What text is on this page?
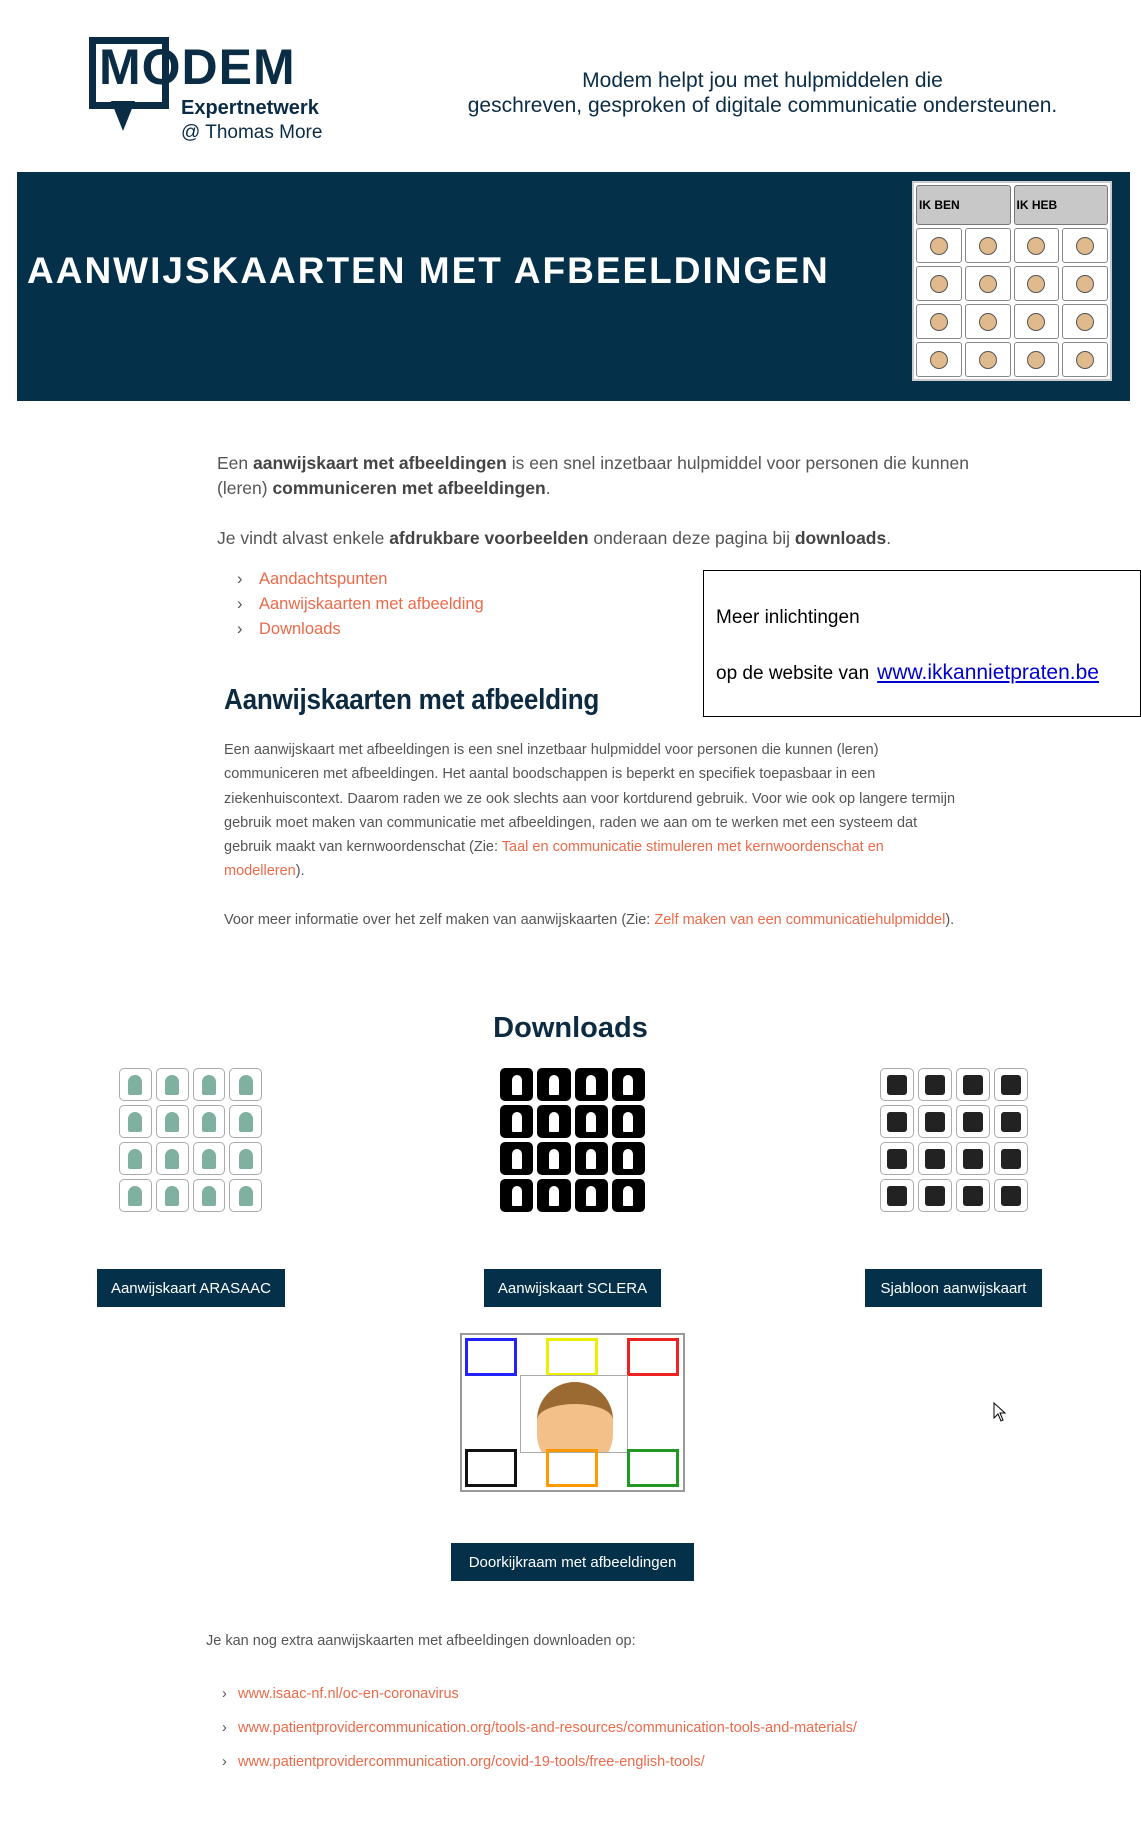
MODEM
Expertnetwerk
@ Thomas More
Modem helpt jou met hulpmiddelen die
geschreven, gesproken of digitale communicatie ondersteunen.
AANWIJSKAARTEN MET AFBEELDINGEN
IK BEN	IK HEB
Een aanwijskaart met afbeeldingen is een snel inzetbaar hulpmiddel voor personen die kunnen (leren) communiceren met afbeeldingen.
Je vindt alvast enkele afdrukbare voorbeelden onderaan deze pagina bij downloads.
› Aandachtspunten
› Aanwijskaarten met afbeelding
› Downloads
Meer inlichtingen
op de website van www.ikkannietpraten.be
Aanwijskaarten met afbeelding
Een aanwijskaart met afbeeldingen is een snel inzetbaar hulpmiddel voor personen die kunnen (leren) communiceren met afbeeldingen. Het aantal boodschappen is beperkt en specifiek toepasbaar in een ziekenhuiscontext. Daarom raden we ze ook slechts aan voor kortdurend gebruik. Voor wie ook op langere termijn gebruik moet maken van communicatie met afbeeldingen, raden we aan om te werken met een systeem dat gebruik maakt van kernwoordenschat (Zie: Taal en communicatie stimuleren met kernwoordenschat en modelleren).
Voor meer informatie over het zelf maken van aanwijskaarten (Zie: Zelf maken van een communicatiehulpmiddel).
Downloads
Aanwijskaart ARASAAC	Aanwijskaart SCLERA	Sjabloon aanwijskaart
Doorkijkraam met afbeeldingen
Je kan nog extra aanwijskaarten met afbeeldingen downloaden op:
› www.isaac-nf.nl/oc-en-coronavirus
› www.patientprovidercommunication.org/tools-and-resources/communication-tools-and-materials/
› www.patientprovidercommunication.org/covid-19-tools/free-english-tools/
